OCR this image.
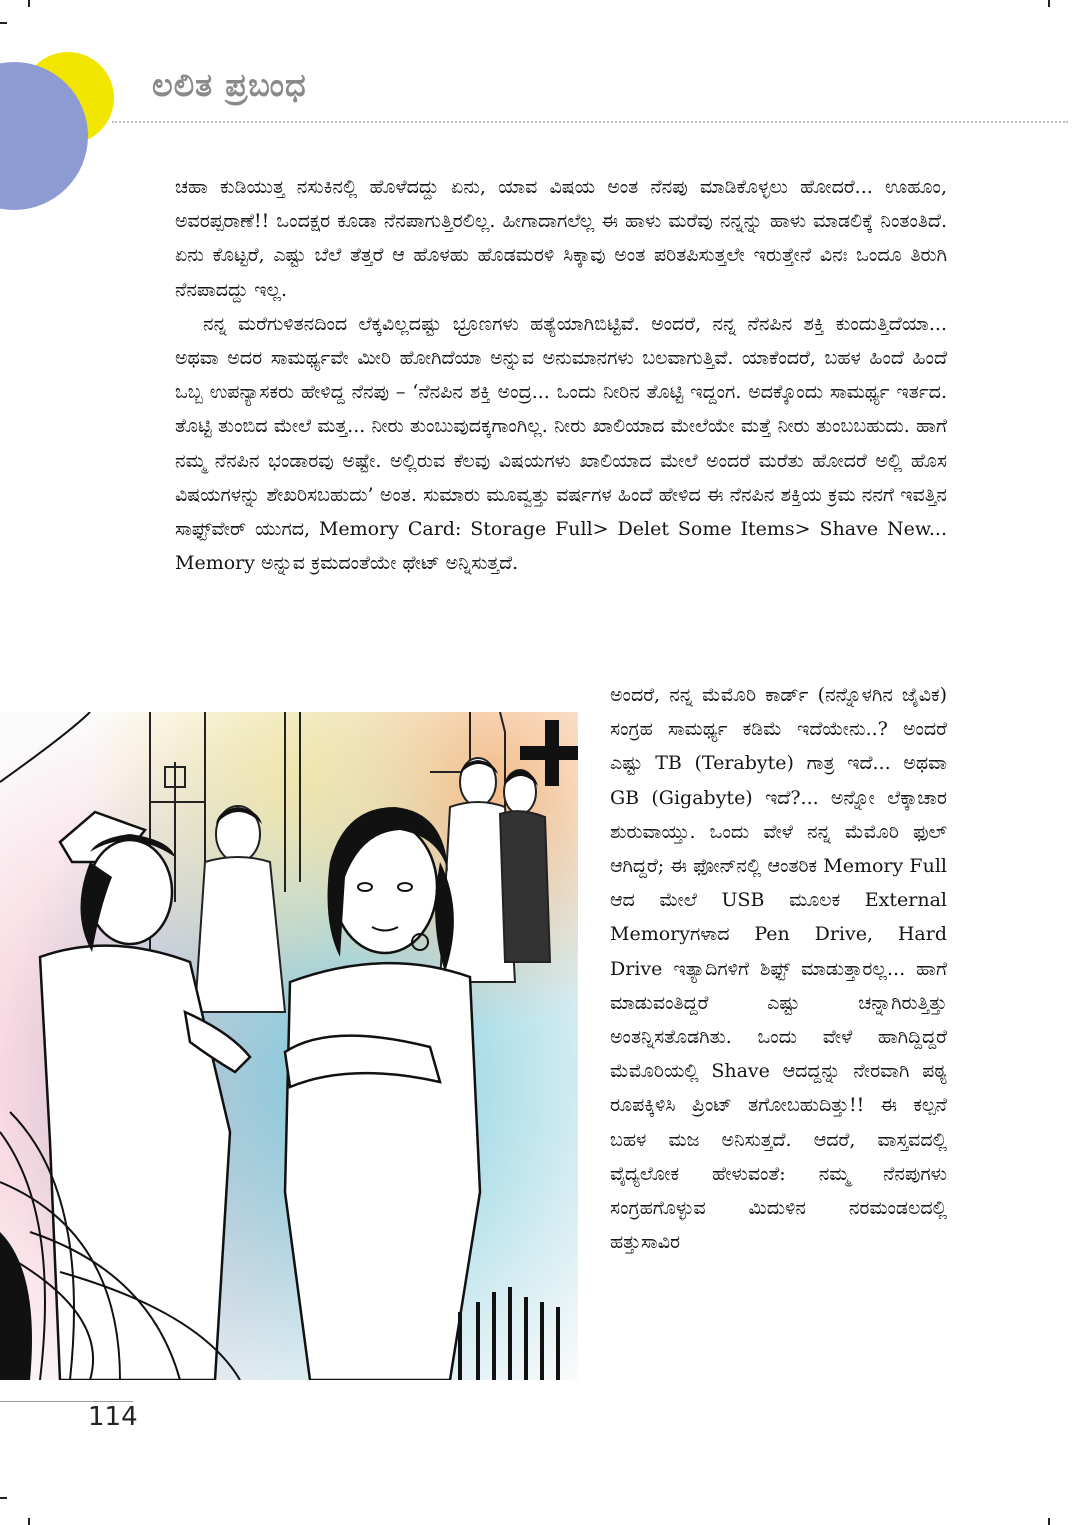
ಲಲಿತ ಪ್ರಬಂಧ

ಚಹಾ ಕುಡಿಯುತ್ತ ನಸುಕಿನಲ್ಲಿ ಹೊಳೆದದ್ದು ಏನು, ಯಾವ ವಿಷಯ ಅಂತ ನೆನಪು ಮಾಡಿಕೊಳ್ಳಲು ಹೋದರೆ... ಊಹೂಂ, ಅವರಪ್ಪರಾಣೆ!! ಒಂದಕ್ಷರ ಕೂಡಾ ನೆನಪಾಗುತ್ತಿರಲಿಲ್ಲ. ಹೀಗಾದಾಗಲೆಲ್ಲ ಈ ಹಾಳು ಮರೆವು ನನ್ನನ್ನು ಹಾಳು ಮಾಡಲಿಕ್ಕೆ ನಿಂತಂತಿದೆ. ಏನು ಕೊಟ್ಟರೆ, ಎಷ್ಟು ಬೆಲೆ ತೆತ್ತರೆ ಆ ಹೊಳಹು ಹೊಡಮರಳಿ ಸಿಕ್ಕಾವು ಅಂತ ಪರಿತಪಿಸುತ್ತಲೇ ಇರುತ್ತೇನೆ ವಿನಃ ಒಂದೂ ತಿರುಗಿ ನೆನಪಾದದ್ದು ಇಲ್ಲ.

ನನ್ನ ಮರೆಗುಳಿತನದಿಂದ ಲೆಕ್ಕವಿಲ್ಲದಷ್ಟು ಭ್ರೂಣಗಳು ಹತ್ಯೆಯಾಗಿಬಿಟ್ಟಿವೆ. ಅಂದರೆ, ನನ್ನ ನೆನಪಿನ ಶಕ್ತಿ ಕುಂದುತ್ತಿದೆಯಾ... ಅಥವಾ ಅದರ ಸಾಮರ್ಥ್ಯವೇ ಮೀರಿ ಹೋಗಿದೆಯಾ ಅನ್ನುವ ಅನುಮಾನಗಳು ಬಲವಾಗುತ್ತಿವೆ. ಯಾಕೆಂದರೆ, ಬಹಳ ಹಿಂದೆ ಹಿಂದೆ ಒಬ್ಬ ಉಪನ್ಯಾಸಕರು ಹೇಳಿದ್ದ ನೆನಪು – ‘ನೆನಪಿನ ಶಕ್ತಿ ಅಂದ್ರ... ಒಂದು ನೀರಿನ ತೊಟ್ಟಿ ಇದ್ದಂಗ. ಅದಕ್ಕೊಂದು ಸಾಮರ್ಥ್ಯ ಇರ್ತದ. ತೊಟ್ಟಿ ತುಂಬಿದ ಮೇಲೆ ಮತ್ತ... ನೀರು ತುಂಬುವುದಕ್ಕಗಾಂಗಿಲ್ಲ. ನೀರು ಖಾಲಿಯಾದ ಮೇಲೆಯೇ ಮತ್ತೆ ನೀರು ತುಂಬಬಹುದು. ಹಾಗೆ ನಮ್ಮ ನೆನಪಿನ ಭಂಡಾರವು ಅಷ್ಟೇ. ಅಲ್ಲಿರುವ ಕೆಲವು ವಿಷಯಗಳು ಖಾಲಿಯಾದ ಮೇಲೆ ಅಂದರೆ ಮರೆತು ಹೋದರೆ ಅಲ್ಲಿ ಹೊಸ ವಿಷಯಗಳನ್ನು ಶೇಖರಿಸಬಹುದು’ ಅಂತ. ಸುಮಾರು ಮೂವ್ವತ್ತು ವರ್ಷಗಳ ಹಿಂದೆ ಹೇಳಿದ ಈ ನೆನಪಿನ ಶಕ್ತಿಯ ಕ್ರಮ ನನಗೆ ಇವತ್ತಿನ ಸಾಫ್ಟ್‌ವೇರ್ ಯುಗದ, Memory Card: Storage Full> Delet Some Items> Shave New... Memory ಅನ್ನುವ ಕ್ರಮದಂತೆಯೇ ಥೇಟ್ ಅನ್ನಿಸುತ್ತದೆ.

ಅಂದರೆ, ನನ್ನ ಮೆಮೊರಿ ಕಾರ್ಡ್ (ನನ್ನೊಳಗಿನ ಜೈವಿಕ) ಸಂಗ್ರಹ ಸಾಮರ್ಥ್ಯ ಕಡಿಮೆ ಇದೆಯೇನು..? ಅಂದರೆ ಎಷ್ಟು TB (Terabyte) ಗಾತ್ರ ಇದೆ... ಅಥವಾ GB (Gigabyte) ಇದೆ?... ಅನ್ನೋ ಲೆಕ್ಕಾಚಾರ ಶುರುವಾಯ್ತು. ಒಂದು ವೇಳೆ ನನ್ನ ಮೆಮೊರಿ ಫುಲ್ ಆಗಿದ್ದರೆ; ಈ ಫೋನ್‌ನಲ್ಲಿ ಆಂತರಿಕ Memory Full ಆದ ಮೇಲೆ USB ಮೂಲಕ External Memoryಗಳಾದ Pen Drive, Hard Drive ಇತ್ಯಾದಿಗಳಿಗೆ ಶಿಫ್ಟ್ ಮಾಡುತ್ತಾರಲ್ಲ... ಹಾಗೆ ಮಾಡುವಂತಿದ್ದರೆ ಎಷ್ಟು ಚನ್ನಾಗಿರುತ್ತಿತ್ತು ಅಂತನ್ನಿಸತೊಡಗಿತು. ಒಂದು ವೇಳೆ ಹಾಗಿದ್ದಿದ್ದರೆ ಮೆಮೊರಿಯಲ್ಲಿ Shave ಆದದ್ದನ್ನು ನೇರವಾಗಿ ಪಠ್ಯ ರೂಪಕ್ಕಿಳಿಸಿ ಪ್ರಿಂಟ್ ತಗೋಬಹುದಿತ್ತು!! ಈ ಕಲ್ಪನೆ ಬಹಳ ಮಜ ಅನಿಸುತ್ತದೆ. ಆದರೆ, ವಾಸ್ತವದಲ್ಲಿ ವೈದ್ಯಲೋಕ ಹೇಳುವಂತೆ: ನಮ್ಮ ನೆನಪುಗಳು ಸಂಗ್ರಹಗೊಳ್ಳುವ ಮಿದುಳಿನ ನರಮಂಡಲದಲ್ಲಿ ಹತ್ತುಸಾವಿರ

114
